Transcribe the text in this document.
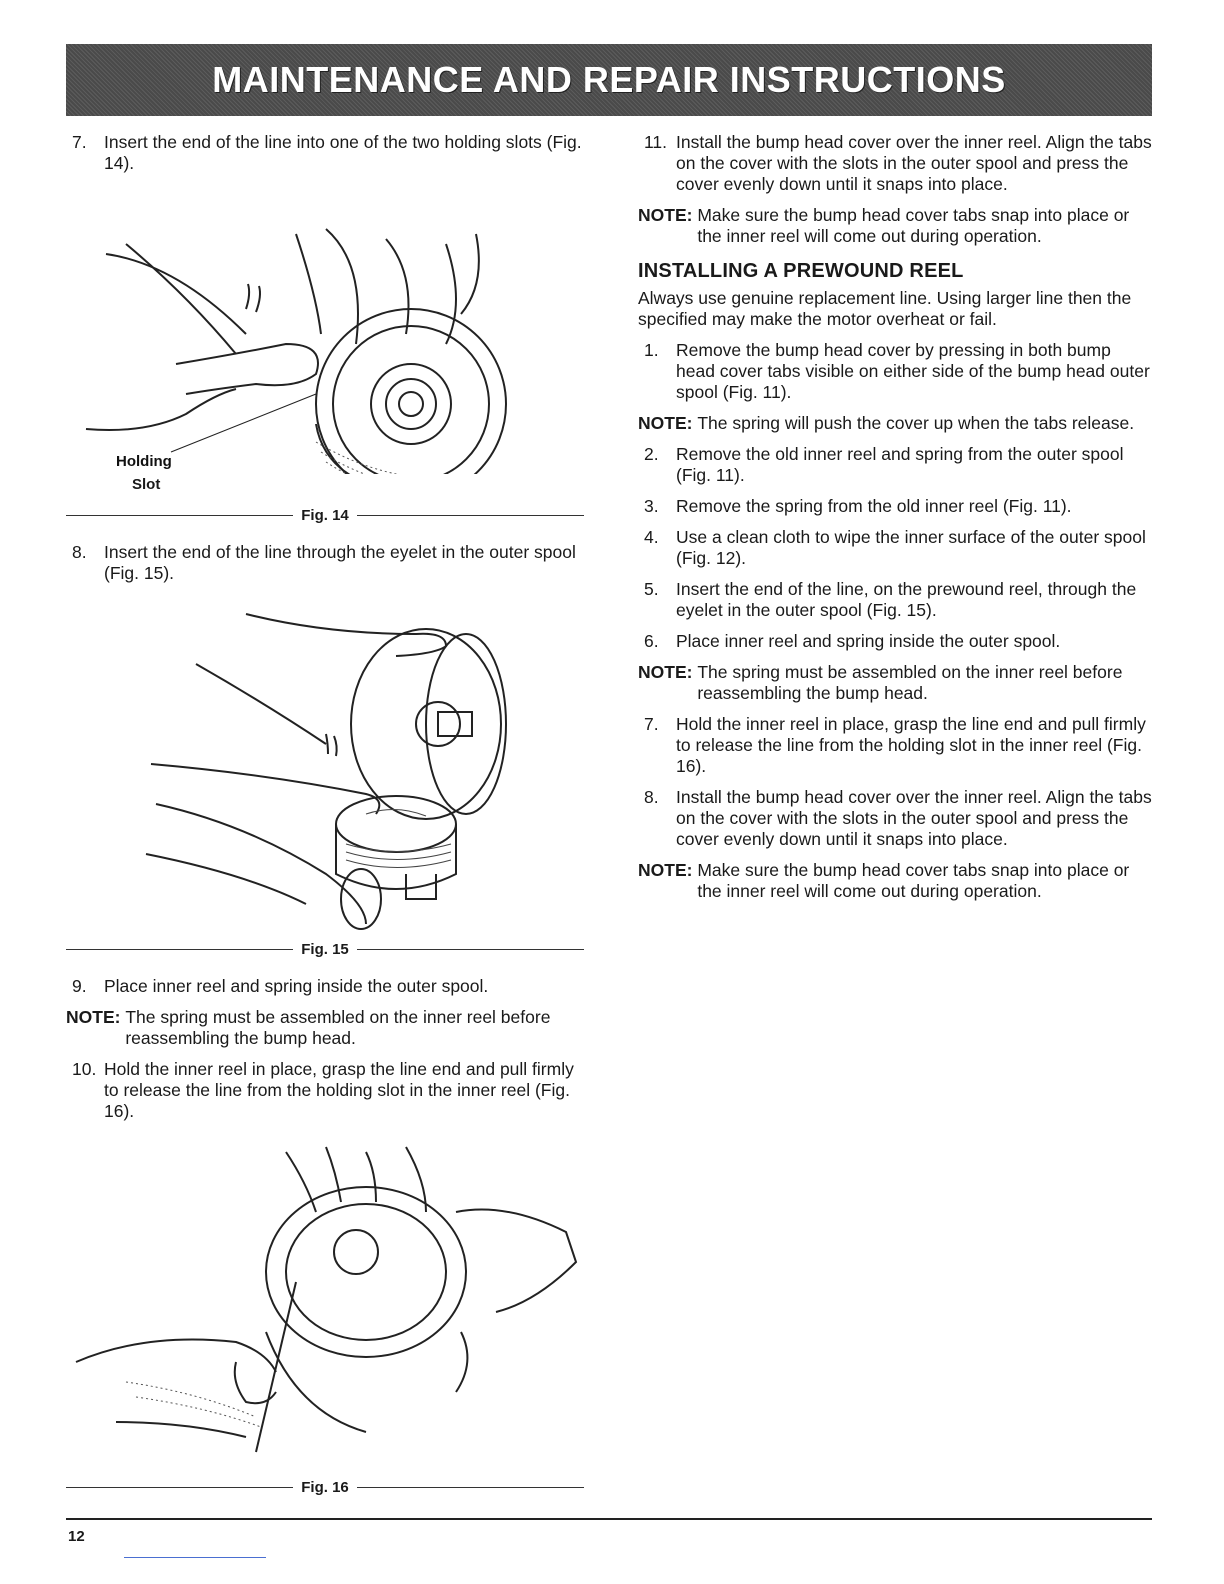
MAINTENANCE AND REPAIR INSTRUCTIONS
7. Insert the end of the line into one of the two holding slots (Fig. 14).
Holding
Slot
Fig. 14
8. Insert the end of the line through the eyelet in the outer spool (Fig. 15).
Fig. 15
9. Place inner reel and spring inside the outer spool.
NOTE: The spring must be assembled on the inner reel before reassembling the bump head.
10. Hold the inner reel in place, grasp the line end and pull firmly to release the line from the holding slot in the inner reel (Fig. 16).
Fig. 16
11. Install the bump head cover over the inner reel. Align the tabs on the cover with the slots in the outer spool and press the cover evenly down until it snaps into place.
NOTE: Make sure the bump head cover tabs snap into place or the inner reel will come out during operation.
INSTALLING A PREWOUND REEL
Always use genuine replacement line. Using larger line then the specified may make the motor overheat or fail.
1. Remove the bump head cover by pressing in both bump head cover tabs visible on either side of the bump head outer spool (Fig. 11).
NOTE: The spring will push the cover up when the tabs release.
2. Remove the old inner reel and spring from the outer spool (Fig. 11).
3. Remove the spring from the old inner reel (Fig. 11).
4. Use a clean cloth to wipe the inner surface of the outer spool (Fig. 12).
5. Insert the end of the line, on the prewound reel, through the eyelet in the outer spool (Fig. 15).
6. Place inner reel and spring inside the outer spool.
NOTE: The spring must be assembled on the inner reel before reassembling the bump head.
7. Hold the inner reel in place, grasp the line end and pull firmly to release the line from the holding slot in the inner reel (Fig. 16).
8. Install the bump head cover over the inner reel. Align the tabs on the cover with the slots in the outer spool and press the cover evenly down until it snaps into place.
NOTE: Make sure the bump head cover tabs snap into place or the inner reel will come out during operation.
12
